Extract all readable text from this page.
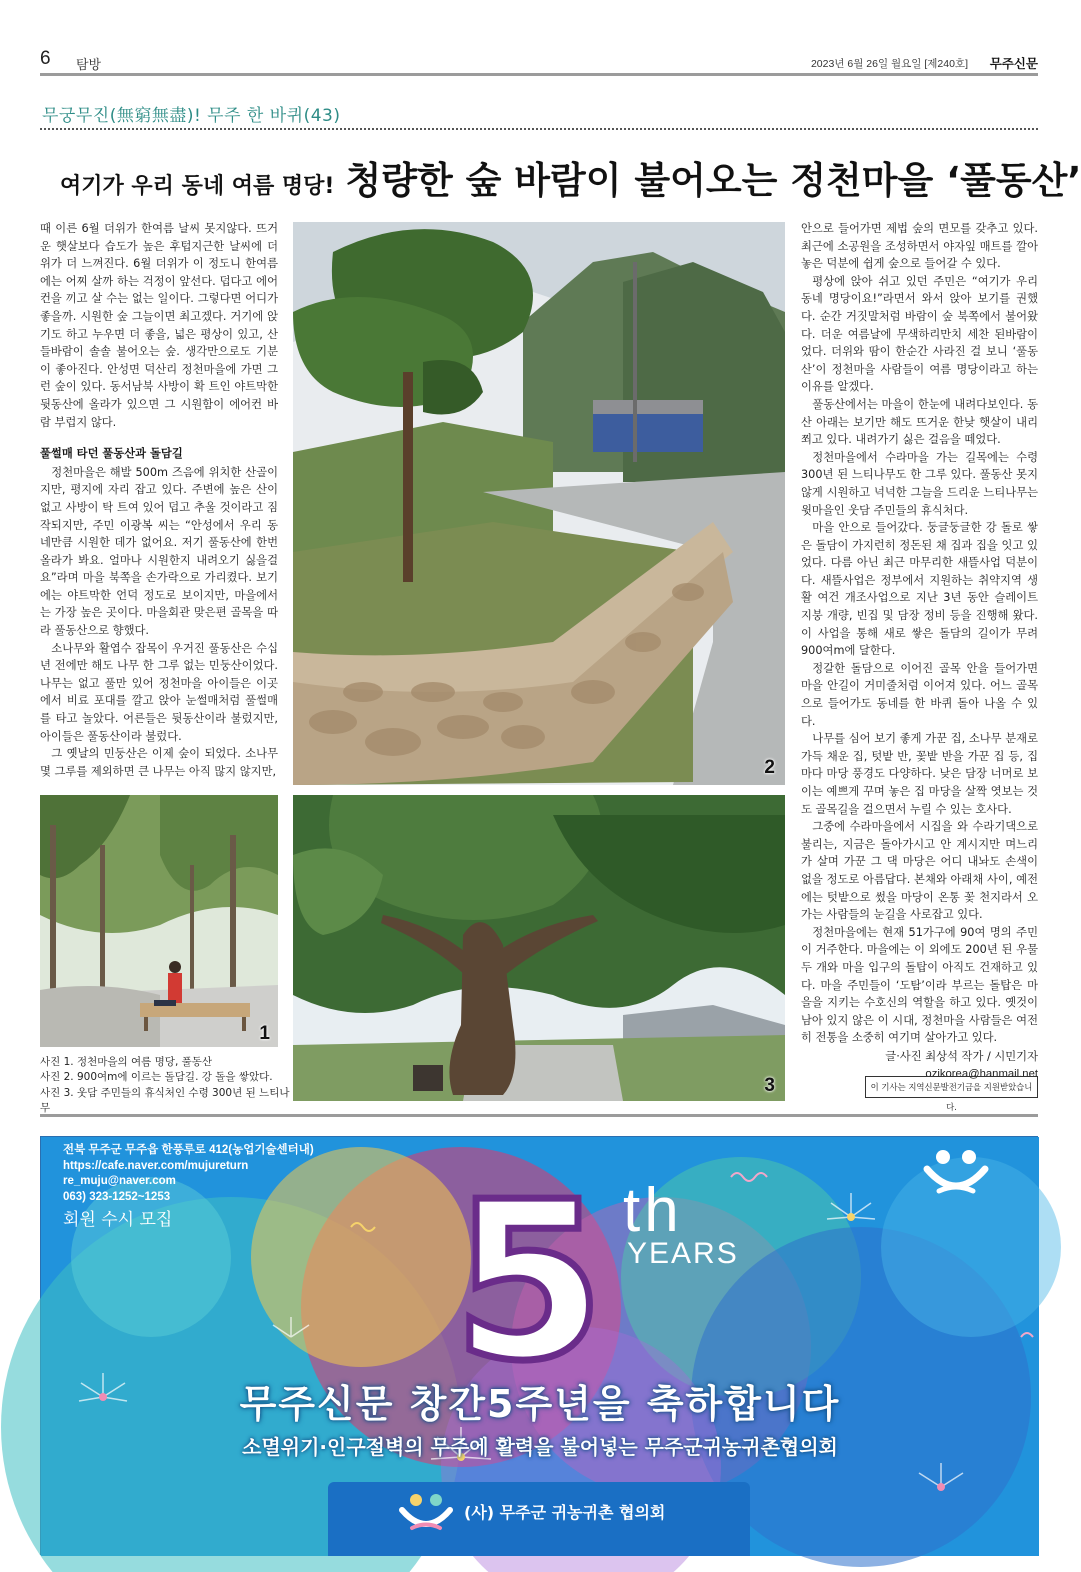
6 탐방	2023년 6월 26일 월요일 [제240호] 무주신문
무궁무진(無窮無盡)! 무주 한 바퀴(43)
여기가 우리 동네 여름 명당! 청량한 숲 바람이 불어오는 정천마을 ‘풀동산’

때 이른 6월 더위가 한여름 날씨 못지않다. 뜨거운 햇살보다 습도가 높은 후텁지근한 날씨에 더위가 더 느껴진다. 6월 더위가 이 정도니 한여름에는 어찌 살까 하는 걱정이 앞선다. 덥다고 에어컨을 끼고 살 수는 없는 일이다. 그렇다면 어디가 좋을까. 시원한 숲 그늘이면 최고겠다. 거기에 앉기도 하고 누우면 더 좋을, 넓은 평상이 있고, 산들바람이 솔솔 불어오는 숲. 생각만으로도 기분이 좋아진다. 안성면 덕산리 정천마을에 가면 그런 숲이 있다. 동서남북 사방이 확 트인 야트막한 뒷동산에 올라가 있으면 그 시원함이 에어컨 바람 부럽지 않다.

풀썰매 타던 풀동산과 돌담길

정천마을은 해발 500m 즈음에 위치한 산골이지만, 평지에 자리 잡고 있다. 주변에 높은 산이 없고 사방이 탁 트여 있어 덥고 추울 것이라고 짐작되지만, 주민 이광복 씨는 “안성에서 우리 동네만큼 시원한 데가 없어요. 저기 풀동산에 한번 올라가 봐요. 얼마나 시원한지 내려오기 싫을걸요”라며 마을 북쪽을 손가락으로 가리켰다. 보기에는 야트막한 언덕 정도로 보이지만, 마을에서는 가장 높은 곳이다. 마을회관 맞은편 골목을 따라 풀동산으로 향했다.

소나무와 활엽수 잡목이 우거진 풀동산은 수십 년 전에만 해도 나무 한 그루 없는 민둥산이었다. 나무는 없고 풀만 있어 정천마을 아이들은 이곳에서 비료 포대를 깔고 앉아 눈썰매처럼 풀썰매를 타고 놀았다. 어른들은 뒷동산이라 불렀지만, 아이들은 풀동산이라 불렀다.

그 옛날의 민둥산은 이제 숲이 되었다. 소나무 몇 그루를 제외하면 큰 나무는 아직 많지 않지만,	2
1
3
사진 1. 정천마을의 여름 명당, 풀동산
사진 2. 900여m에 이르는 돌담길. 강 돌을 쌓았다.
사진 3. 웃담 주민들의 휴식처인 수령 300년 된 느티나무

안으로 들어가면 제법 숲의 면모를 갖추고 있다. 최근에 소공원을 조성하면서 야자잎 매트를 깔아 놓은 덕분에 쉽게 숲으로 들어갈 수 있다.

평상에 앉아 쉬고 있던 주민은 “여기가 우리 동네 명당이요!”라면서 와서 앉아 보기를 권했다. 순간 거짓말처럼 바람이 숲 북쪽에서 불어왔다. 더운 여름날에 무색하리만치 세찬 된바람이었다. 더위와 땀이 한순간 사라진 걸 보니 ‘풀동산’이 정천마을 사람들이 여름 명당이라고 하는 이유를 알겠다.

풀동산에서는 마을이 한눈에 내려다보인다. 동산 아래는 보기만 해도 뜨거운 한낮 햇살이 내리쬐고 있다. 내려가기 싫은 걸음을 떼었다.

정천마을에서 수라마을 가는 길목에는 수령 300년 된 느티나무도 한 그루 있다. 풀동산 못지않게 시원하고 넉넉한 그늘을 드리운 느티나무는 윗마을인 웃담 주민들의 휴식처다.

마을 안으로 들어갔다. 둥글둥글한 강 돌로 쌓은 돌담이 가지런히 정돈된 채 집과 집을 잇고 있었다. 다름 아닌 최근 마무리한 새뜰사업 덕분이다. 새뜰사업은 정부에서 지원하는 취약지역 생활 여건 개조사업으로 지난 3년 동안 슬레이트 지붕 개량, 빈집 및 담장 정비 등을 진행해 왔다. 이 사업을 통해 새로 쌓은 돌담의 길이가 무려 900여m에 달한다.

정갈한 돌담으로 이어진 골목 안을 들어가면 마을 안길이 거미줄처럼 이어져 있다. 어느 골목으로 들어가도 동네를 한 바퀴 돌아 나올 수 있다.

나무를 심어 보기 좋게 가꾼 집, 소나무 분재로 가득 채운 집, 텃밭 반, 꽃밭 반을 가꾼 집 등, 집마다 마당 풍경도 다양하다. 낮은 담장 너머로 보이는 예쁘게 꾸며 놓은 집 마당을 살짝 엿보는 것도 골목길을 걸으면서 누릴 수 있는 호사다.

그중에 수라마을에서 시집을 와 수라기댁으로 불리는, 지금은 돌아가시고 안 계시지만 며느리가 살며 가꾼 그 댁 마당은 어디 내놔도 손색이 없을 정도로 아름답다. 본채와 아래채 사이, 예전에는 텃밭으로 썼을 마당이 온통 꽃 천지라서 오가는 사람들의 눈길을 사로잡고 있다.

정천마을에는 현재 51가구에 90여 명의 주민이 거주한다. 마을에는 이 외에도 200년 된 우물 두 개와 마을 입구의 돌탑이 아직도 건재하고 있다. 마을 주민들이 ‘도탐’이라 부르는 돌탑은 마을을 지키는 수호신의 역할을 하고 있다. 옛것이 남아 있지 않은 이 시대, 정천마을 사람들은 여전히 전통을 소중히 여기며 살아가고 있다.

글·사진 최상석 작가 / 시민기자

ozikorea@hanmail.net

이 기사는 지역신문발전기금을 지원받았습니다.
전북 무주군 무주읍 한풍루로 412(농업기술센터내)
https://cafe.naver.com/mujureturn
re_muju@naver.com
063) 323-1252~1253
회원 수시 모집 5 th
YEARS
무주신문 창간5주년을 축하합니다
소멸위기·인구절벽의 무주에 활력을 불어넣는 무주군귀농귀촌협의회
(사) 무주군 귀농귀촌 협의회
